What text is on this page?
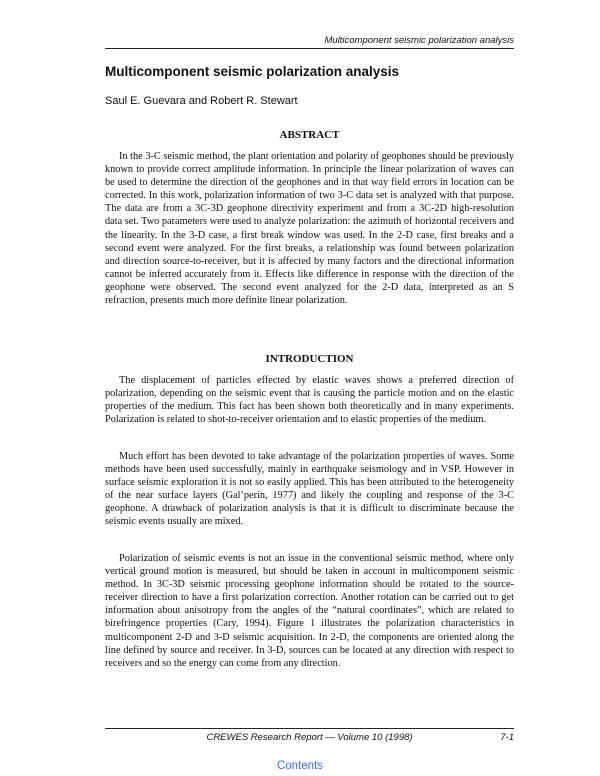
Multicomponent seismic polarization analysis
Multicomponent seismic polarization analysis
Saul E. Guevara and Robert R. Stewart
ABSTRACT

In the 3-C seismic method, the plant orientation and polarity of geophones should be previously known to provide correct amplitude information. In principle the linear polarization of waves can be used to determine the direction of the geophones and in that way field errors in location can be corrected. In this work, polarization information of two 3-C data set is analyzed with that purpose. The data are from a 3C-3D geophone directivity experiment and from a 3C-2D high-resolution data set. Two parameters were used to analyze polarization: the azimuth of horizontal receivers and the linearity. In the 3-D case, a first break window was used. In the 2-D case, first breaks and a second event were analyzed. For the first breaks, a relationship was found between polarization and direction source-to-receiver, but it is affected by many factors and the directional information cannot be inferred accurately from it. Effects like difference in response with the direction of the geophone were observed. The second event analyzed for the 2-D data, interpreted as an S refraction, presents much more definite linear polarization.

INTRODUCTION

The displacement of particles effected by elastic waves shows a preferred direction of polarization, depending on the seismic event that is causing the particle motion and on the elastic properties of the medium. This fact has been shown both theoretically and in many experiments. Polarization is related to shot-to-receiver orientation and to elastic properties of the medium.

Much effort has been devoted to take advantage of the polarization properties of waves. Some methods have been used successfully, mainly in earthquake seismology and in VSP. However in surface seismic exploration it is not so easily applied. This has been attributed to the heterogeneity of the near surface layers (Gal’perin, 1977) and likely the coupling and response of the 3-C geophone. A drawback of polarization analysis is that it is difficult to discriminate because the seismic events usually are mixed.

Polarization of seismic events is not an issue in the conventional seismic method, where only vertical ground motion is measured, but should be taken in account in multicomponent seismic method. In 3C-3D seismic processing geophone information should be rotated to the source-receiver direction to have a first polarization correction. Another rotation can be carried out to get information about anisotropy from the angles of the “natural coordinates”, which are related to birefringence properties (Cary, 1994). Figure 1 illustrates the polarization characteristics in multicomponent 2-D and 3-D seismic acquisition. In 2-D, the components are oriented along the line defined by source and receiver. In 3-D, sources can be located at any direction with respect to receivers and so the energy can come from any direction.

CREWES Research Report — Volume 10 (1998)	7-1
Contents
